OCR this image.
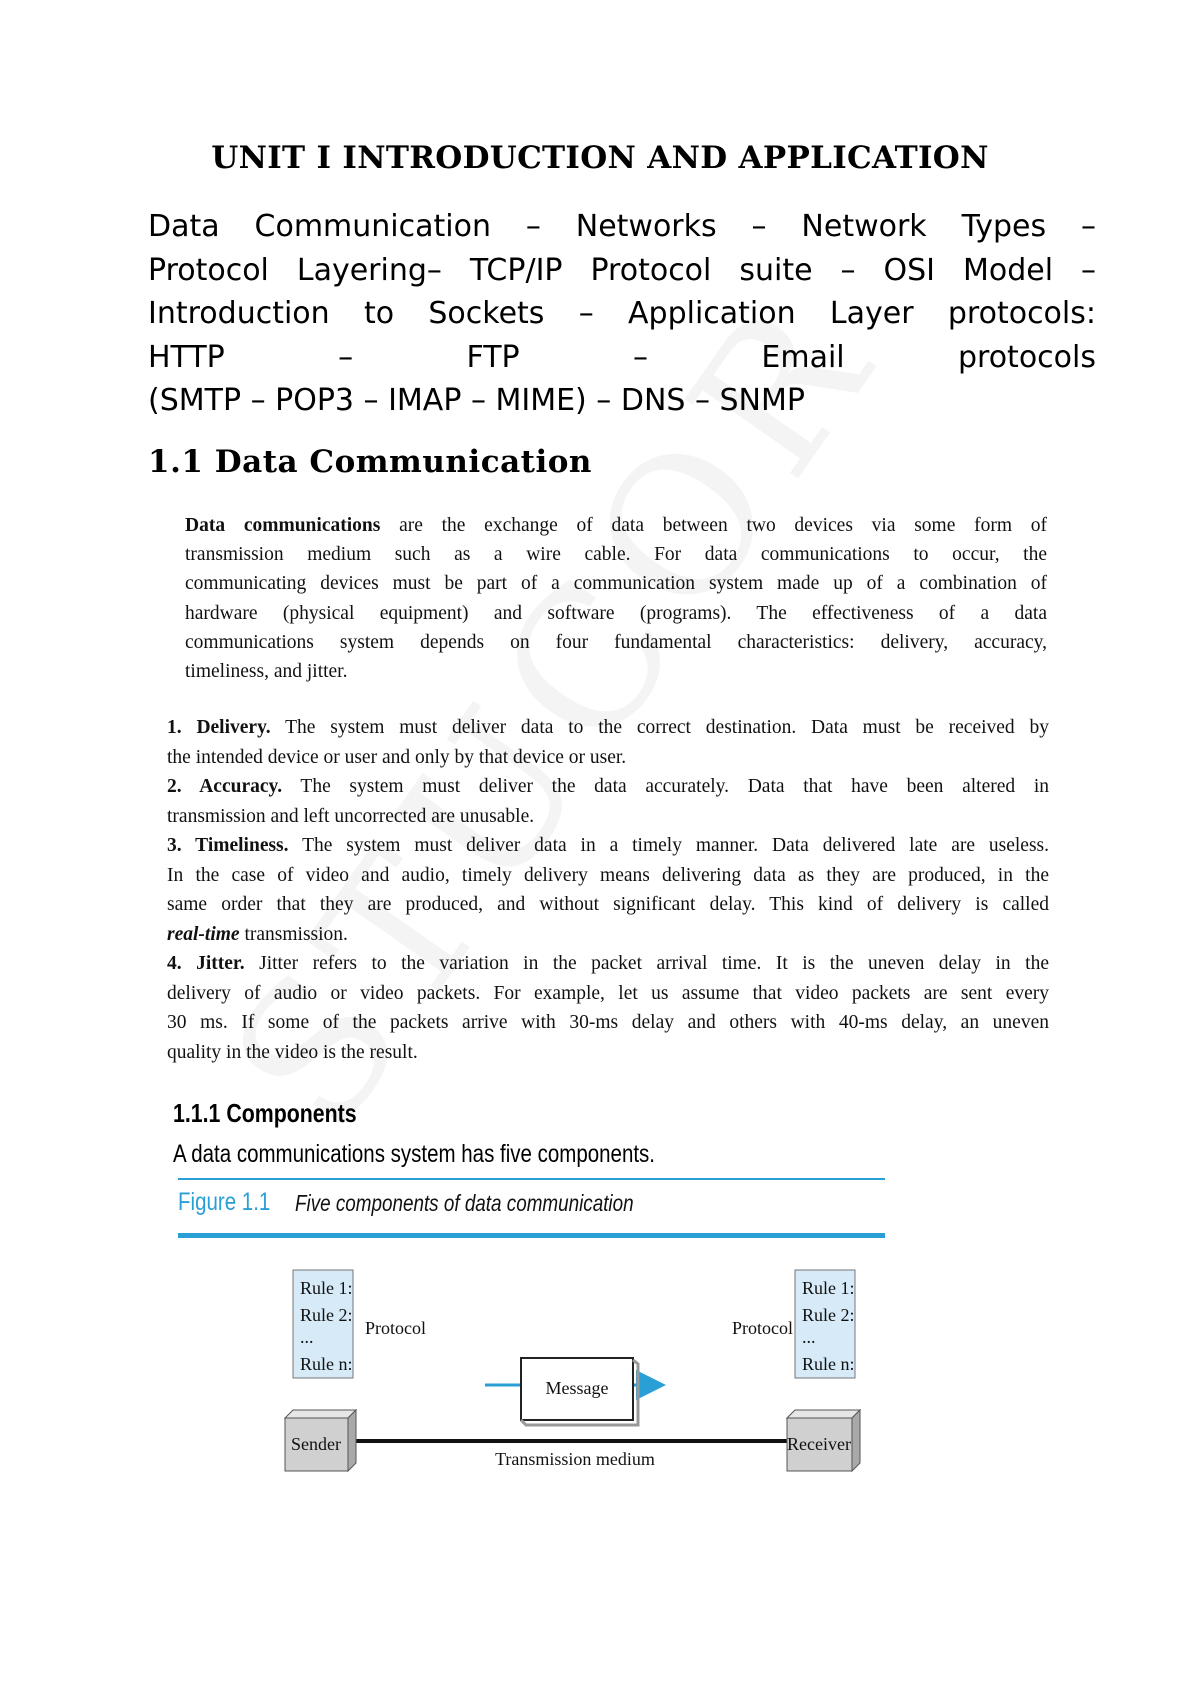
UNIT I INTRODUCTION AND APPLICATION
Data Communication – Networks – Network Types –
Protocol Layering– TCP/IP Protocol suite – OSI Model –
Introduction to Sockets – Application Layer protocols:
HTTP – FTP – Email protocols
(SMTP – POP3 – IMAP – MIME) – DNS – SNMP
1.1 Data Communication
Data communications are the exchange of data between two devices via some form of
transmission medium such as a wire cable. For data communications to occur, the
communicating devices must be part of a communication system made up of a combination of
hardware (physical equipment) and software (programs). The effectiveness of a data
communications system depends on four fundamental characteristics: delivery, accuracy,
timeliness, and jitter.
1. Delivery. The system must deliver data to the correct destination. Data must be received by
the intended device or user and only by that device or user.
2. Accuracy. The system must deliver the data accurately. Data that have been altered in
transmission and left uncorrected are unusable.
3. Timeliness. The system must deliver data in a timely manner. Data delivered late are useless.
In the case of video and audio, timely delivery means delivering data as they are produced, in the
same order that they are produced, and without significant delay. This kind of delivery is called
real-time transmission.
4. Jitter. Jitter refers to the variation in the packet arrival time. It is the uneven delay in the
delivery of audio or video packets. For example, let us assume that video packets are sent every
30 ms. If some of the packets arrive with 30-ms delay and others with 40-ms delay, an uneven
quality in the video is the result.
1.1.1 Components
A data communications system has five components.
Figure 1.1 Five components of data communication
Rule 1:
Rule 2:
...
Rule n:
Protocol
Rule 1:
Rule 2:
...
Rule n:
Protocol
Message
Transmission medium
Sender	Receiver
